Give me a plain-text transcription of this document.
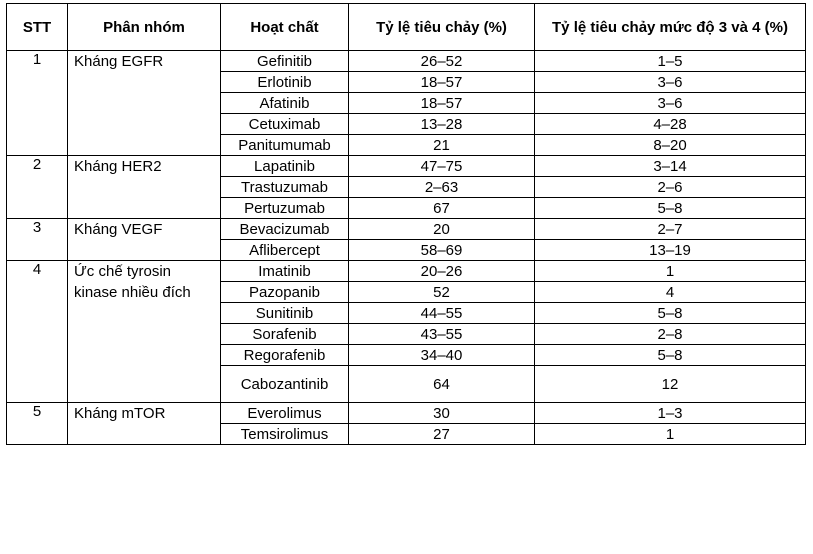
STT	Phân nhóm	Hoạt chất	Tỷ lệ tiêu chảy (%)	Tỷ lệ tiêu chảy mức độ 3 và 4 (%)
1	Kháng EGFR	Gefinitib	26–52	1–5
		Erlotinib	18–57	3–6
		Afatinib	18–57	3–6
		Cetuximab	13–28	4–28
		Panitumumab	21	8–20
2	Kháng HER2	Lapatinib	47–75	3–14
		Trastuzumab	2–63	2–6
		Pertuzumab	67	5–8
3	Kháng VEGF	Bevacizumab	20	2–7
		Aflibercept	58–69	13–19
4	Ức chế tyrosin kinase nhiều đích	Imatinib	20–26	1
		Pazopanib	52	4
		Sunitinib	44–55	5–8
		Sorafenib	43–55	2–8
		Regorafenib	34–40	5–8
		Cabozantinib	64	12
5	Kháng mTOR	Everolimus	30	1–3
		Temsirolimus	27	1
